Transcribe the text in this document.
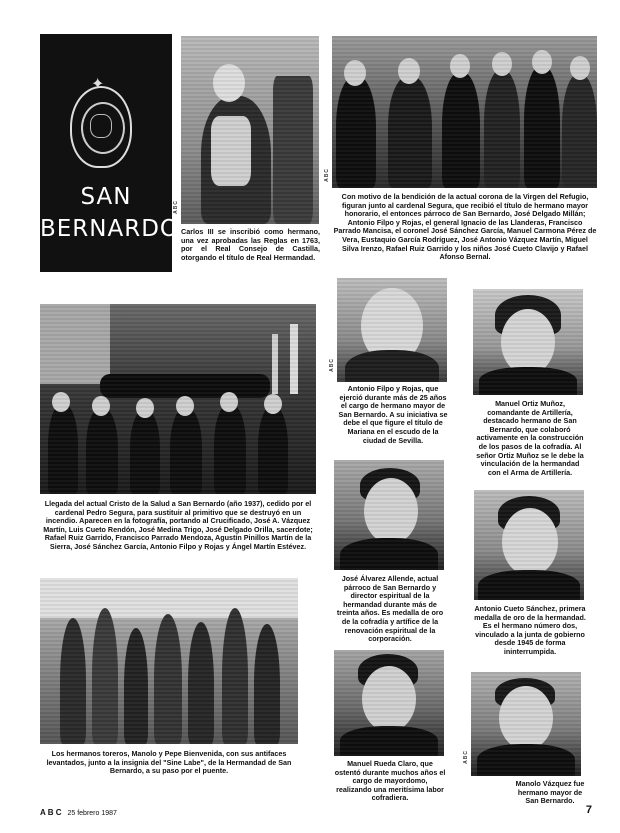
✦
SAN
BERNARDO
ABC
Carlos III se inscribió como hermano, una vez aprobadas las Reglas en 1763, por el Real Consejo de Castilla, otorgando el título de Real Hermandad.
ABC
Con motivo de la bendición de la actual corona de la Virgen del Refugio, figuran junto al cardenal Segura, que recibió el título de hermano mayor honorario, el entonces párroco de San Bernardo, José Delgado Millán; Antonio Filpo y Rojas, el general Ignacio de las Llanderas, Francisco Parrado Mancisa, el coronel José Sánchez García, Manuel Carmona Pérez de Vera, Eustaquio García Rodríguez, José Antonio Vázquez Martín, Miguel Silva Irenzo, Rafael Ruiz Garrido y los niños José Cueto Clavijo y Rafael Afonso Bernal.
ABC
Antonio Filpo y Rojas, que ejerció durante más de 25 años el cargo de hermano mayor de San Bernardo. A su iniciativa se debe el que figure el título de Mariana en el escudo de la ciudad de Sevilla.
Manuel Ortiz Muñoz, comandante de Artillería, destacado hermano de San Bernardo, que colaboró activamente en la construcción de los pasos de la cofradía. Al señor Ortiz Muñoz se le debe la vinculación de la hermandad con el Arma de Artillería.
Llegada del actual Cristo de la Salud a San Bernardo (año 1937), cedido por el cardenal Pedro Segura, para sustituir al primitivo que se destruyó en un incendio. Aparecen en la fotografía, portando al Crucificado, José A. Vázquez Martín, Luis Cueto Rendón, José Medina Trigo, José Delgado Orilla, sacerdote; Rafael Ruiz Garrido, Francisco Parrado Mendoza, Agustín Pinillos Martín de la Sierra, José Sánchez García, Antonio Filpo y Rojas y Ángel Martín Estévez.
José Álvarez Allende, actual párroco de San Bernardo y director espiritual de la hermandad durante más de treinta años. Es medalla de oro de la cofradía y artífice de la renovación espiritual de la corporación.
Antonio Cueto Sánchez, primera medalla de oro de la hermandad. Es el hermano número dos, vinculado a la junta de gobierno desde 1945 de forma ininterrumpida.
Los hermanos toreros, Manolo y Pepe Bienvenida, con sus antifaces levantados, junto a la insignia del "Sine Labe", de la Hermandad de San Bernardo, a su paso por el puente.
Manuel Rueda Claro, que ostentó durante muchos años el cargo de mayordomo, realizando una meritísima labor cofradiera.
ABC
Manolo Vázquez fue hermano mayor de San Bernardo.
A B C 25 febrero 1987	7
